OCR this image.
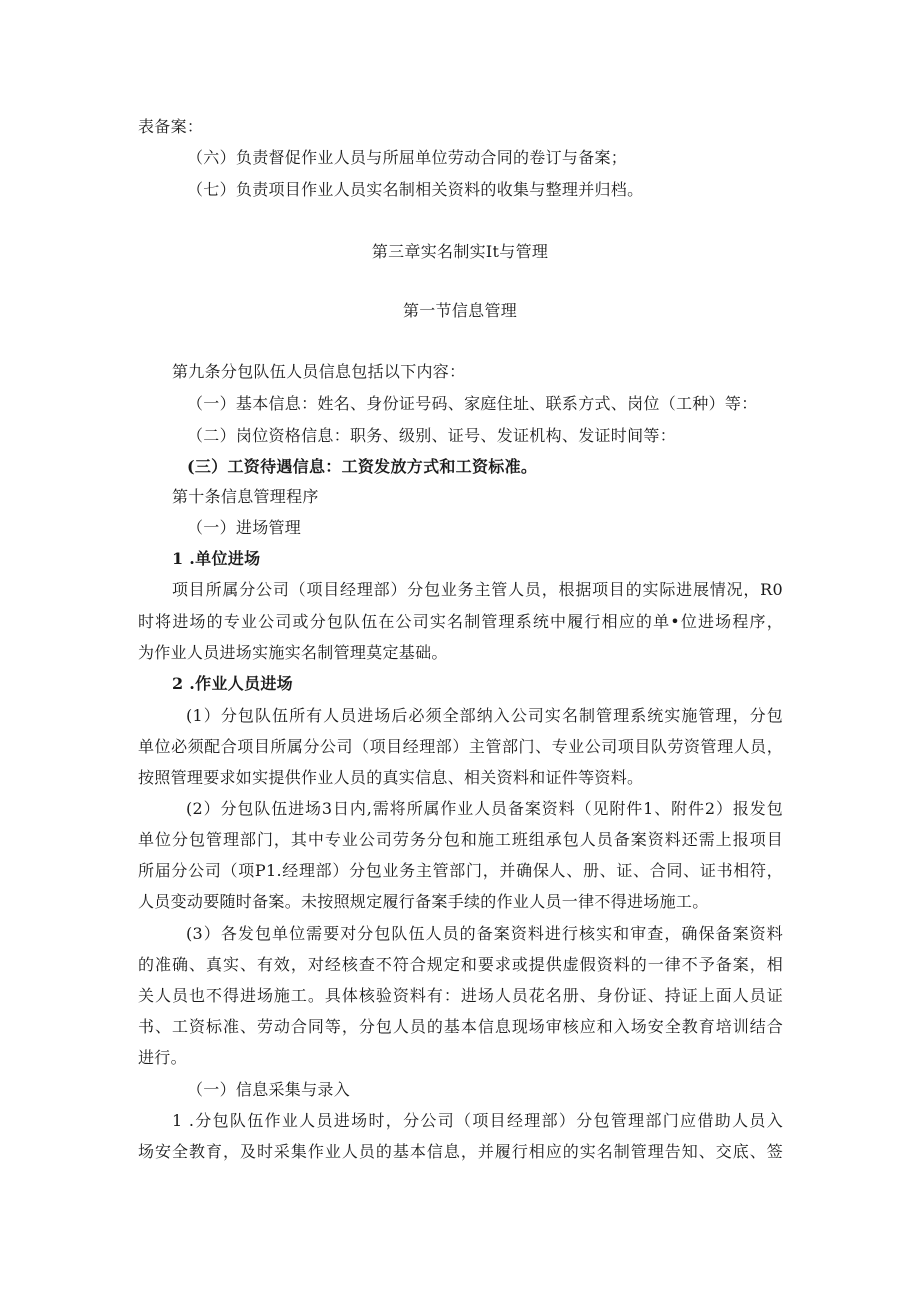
表备案：
（六）负责督促作业人员与所屈单位劳动合同的卷订与备案；
（七）负责项目作业人员实名制相关资料的收集与整理并归档。
第三章实名制实It与管理
第一节信息管理
第九条分包队伍人员信息包括以下内容：
（一）基本信息：姓名、身份证号码、家庭住址、联系方式、岗位（工种）等：
（二）岗位资格信息：职务、级别、证号、发证机构、发证时间等：
(三）工资待遇信息：工资发放方式和工资标准。
第十条信息管理程序
（一）进场管理
1 .单位进场
项目所属分公司（项目经理部）分包业务主管人员，根据项目的实际进展情况，R0
时将进场的专业公司或分包队伍在公司实名制管理系统中履行相应的单•位进场程序，
为作业人员进场实施实名制管理莫定基础。
2 .作业人员进场
(1）分包队伍所有人员进场后必须全部纳入公司实名制管理系统实施管理，分包
单位必须配合项目所属分公司（项目经理部）主管部门、专业公司项目队劳资管理人员，
按照管理要求如实提供作业人员的真实信息、相关资料和证件等资料。
(2）分包队伍进场3日内,需将所属作业人员备案资料（见附件1、附件2）报发包
单位分包管理部门，其中专业公司劳务分包和施工班组承包人员备案资料还需上报项目
所届分公司（项P1.经理部）分包业务主管部门，并确保人、册、证、合同、证书相符，
人员变动要随时备案。未按照规定履行备案手续的作业人员一律不得进场施工。
(3）各发包单位需要对分包队伍人员的备案资料进行核实和审查，确保备案资料
的准确、真实、有效，对经核查不符合规定和要求或提供虚假资料的一律不予备案，相
关人员也不得进场施工。具体核验资料有：进场人员花名册、身份证、持证上面人员证
书、工资标准、劳动合同等，分包人员的基本信息现场审核应和入场安全教育培训结合
进行。
（一）信息采集与录入
1 .分包队伍作业人员进场时，分公司（项目经理部）分包管理部门应借助人员入
场安全教育，及时采集作业人员的基本信息，并履行相应的实名制管理告知、交底、签
